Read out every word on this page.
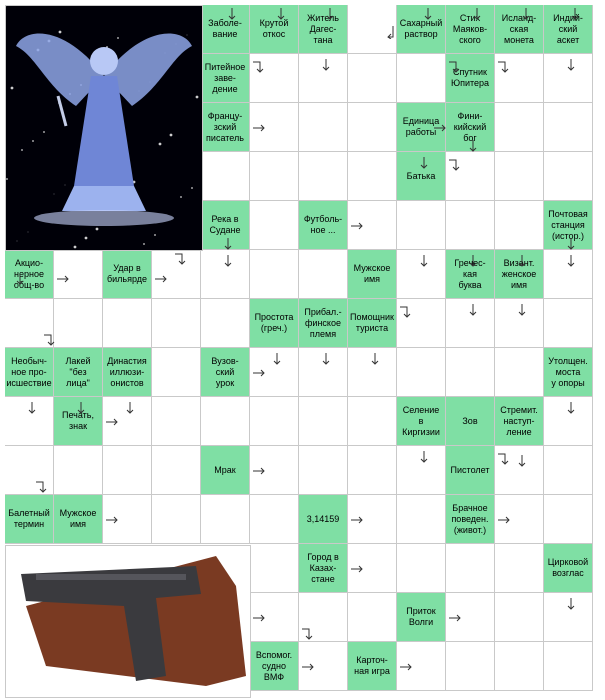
Заболе-
вание
Крутой
откос
Житель
Дагес-
тана
Сахарный
раствор
Стих
Маяков-
ского
Исланд-
ская
монета
Индий-
ский
аскет
Питейное
заве-
дение
Спутник
Юпитера
Францу-
зский
писатель
Единица
работы
Фини-
кийский
бог
Батька
Река в
Судане
Футболь-
ное ...
Почтовая
станция
(истор.)
Акцио-
нерное
общ-во
Удар в
бильярде
Мужское
имя
Гречес-
кая
буква
Визант.
женское
имя
Простота
(греч.)
Прибал.-
финское
племя
Помощник
туриста
Необыч-
ное про-
исшествие
Лакей
"без
лица"
Династия
иллюзи-
онистов
Вузов-
ский
урок
Утолщен.
моста
у опоры
Печать,
знак
Селение
в
Киргизии
Зов
Стремит.
наступ-
ление
Мрак	Пистолет
Балетный
термин
Мужское
имя
3,14159
Брачное
поведен.
(живот.)
Город в
Казах-
стане
Цирковой
возглас
Приток
Волги
Вспомог.
судно
ВМФ
Карточ-
ная игра
